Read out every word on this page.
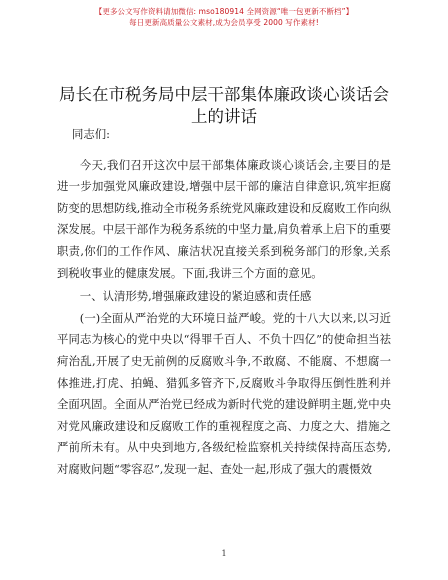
【更多公文写作资料请加微信: mso180914 全网资源“唯一包更新不断档”】
每日更新高质量公文素材,成为会员享受 2000 写作素材!
局长在市税务局中层干部集体廉政谈心谈话会
上的讲话
同志们:

今天,我们召开这次中层干部集体廉政谈心谈话会,主要目的是进一步加强党风廉政建设,增强中层干部的廉洁自律意识,筑牢拒腐防变的思想防线,推动全市税务系统党风廉政建设和反腐败工作向纵深发展。中层干部作为税务系统的中坚力量,肩负着承上启下的重要职责,你们的工作作风、廉洁状况直接关系到税务部门的形象,关系到税收事业的健康发展。下面,我讲三个方面的意见。

一、认清形势,增强廉政建设的紧迫感和责任感

(一)全面从严治党的大环境日益严峻。党的十八大以来,以习近平同志为核心的党中央以“得罪千百人、不负十四亿”的使命担当祛疴治乱,开展了史无前例的反腐败斗争,不敢腐、不能腐、不想腐一体推进,打虎、拍蝇、猎狐多管齐下,反腐败斗争取得压倒性胜利并全面巩固。全面从严治党已经成为新时代党的建设鲜明主题,党中央对党风廉政建设和反腐败工作的重视程度之高、力度之大、措施之严前所未有。从中央到地方,各级纪检监察机关持续保持高压态势,对腐败问题“零容忍”,发现一起、查处一起,形成了强大的震慑效

1
